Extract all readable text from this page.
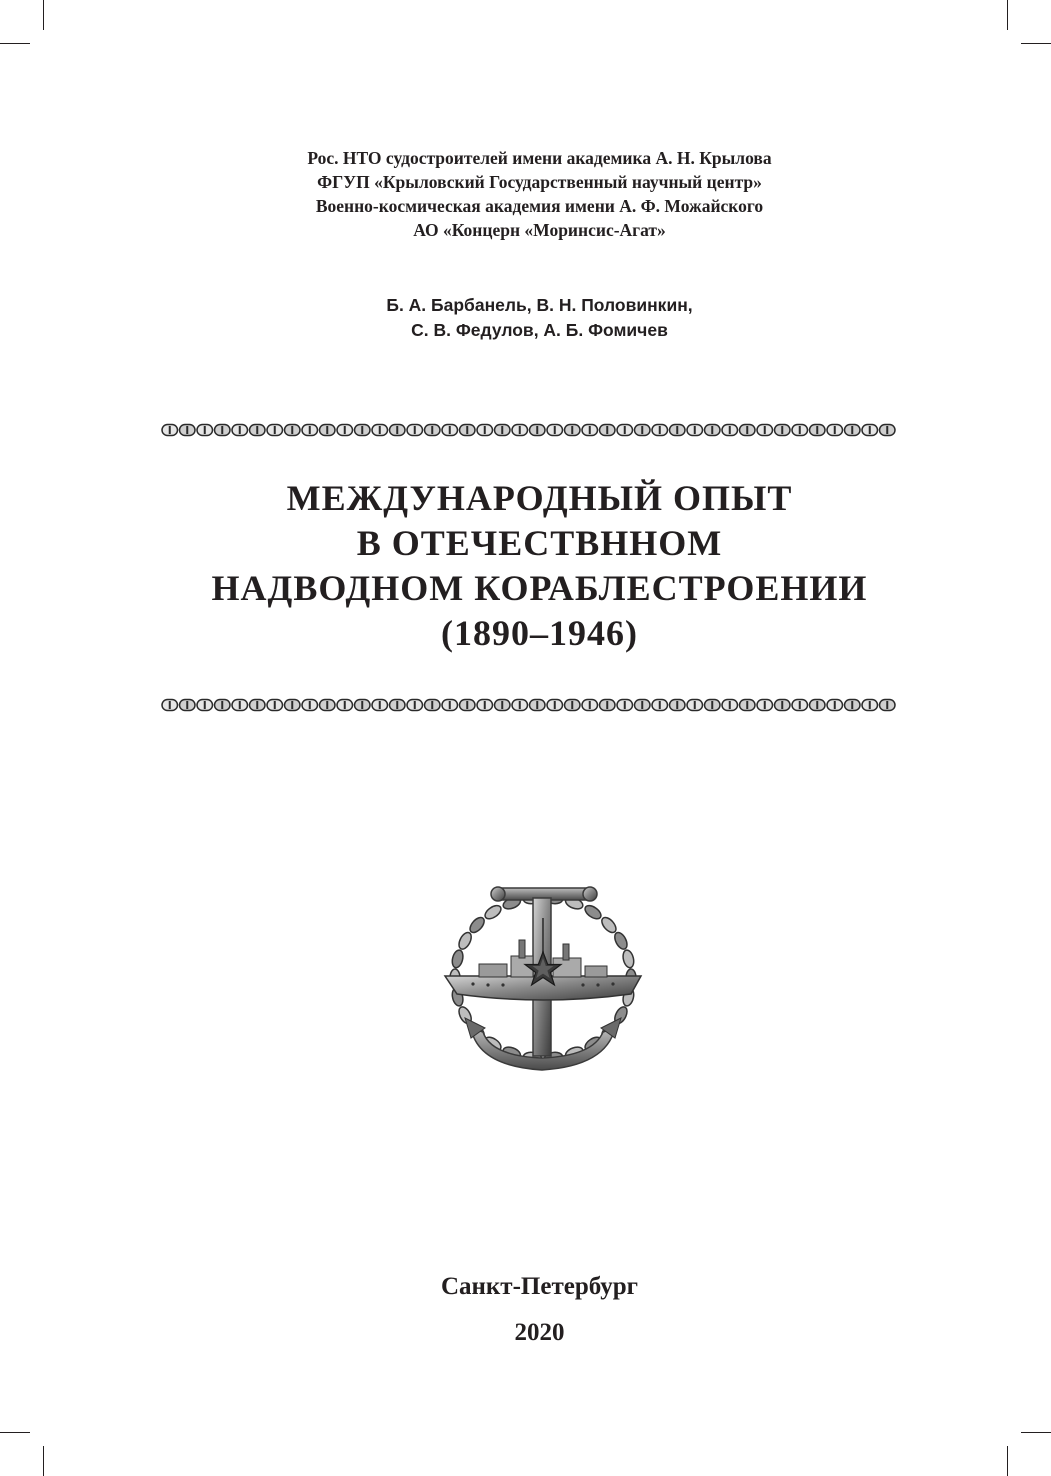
Рос. НТО судостроителей имени академика А. Н. Крылова
ФГУП «Крыловский Государственный научный центр»
Военно-космическая академия имени А. Ф. Можайского
АО «Концерн «Моринсис-Агат»
Б. А. Барбанель, В. Н. Половинкин,
С. В. Федулов, А. Б. Фомичев
МЕЖДУНАРОДНЫЙ ОПЫТ
В ОТЕЧЕСТВННОМ
НАДВОДНОМ КОРАБЛЕСТРОЕНИИ
(1890–1946)
Санкт-Петербург
2020
